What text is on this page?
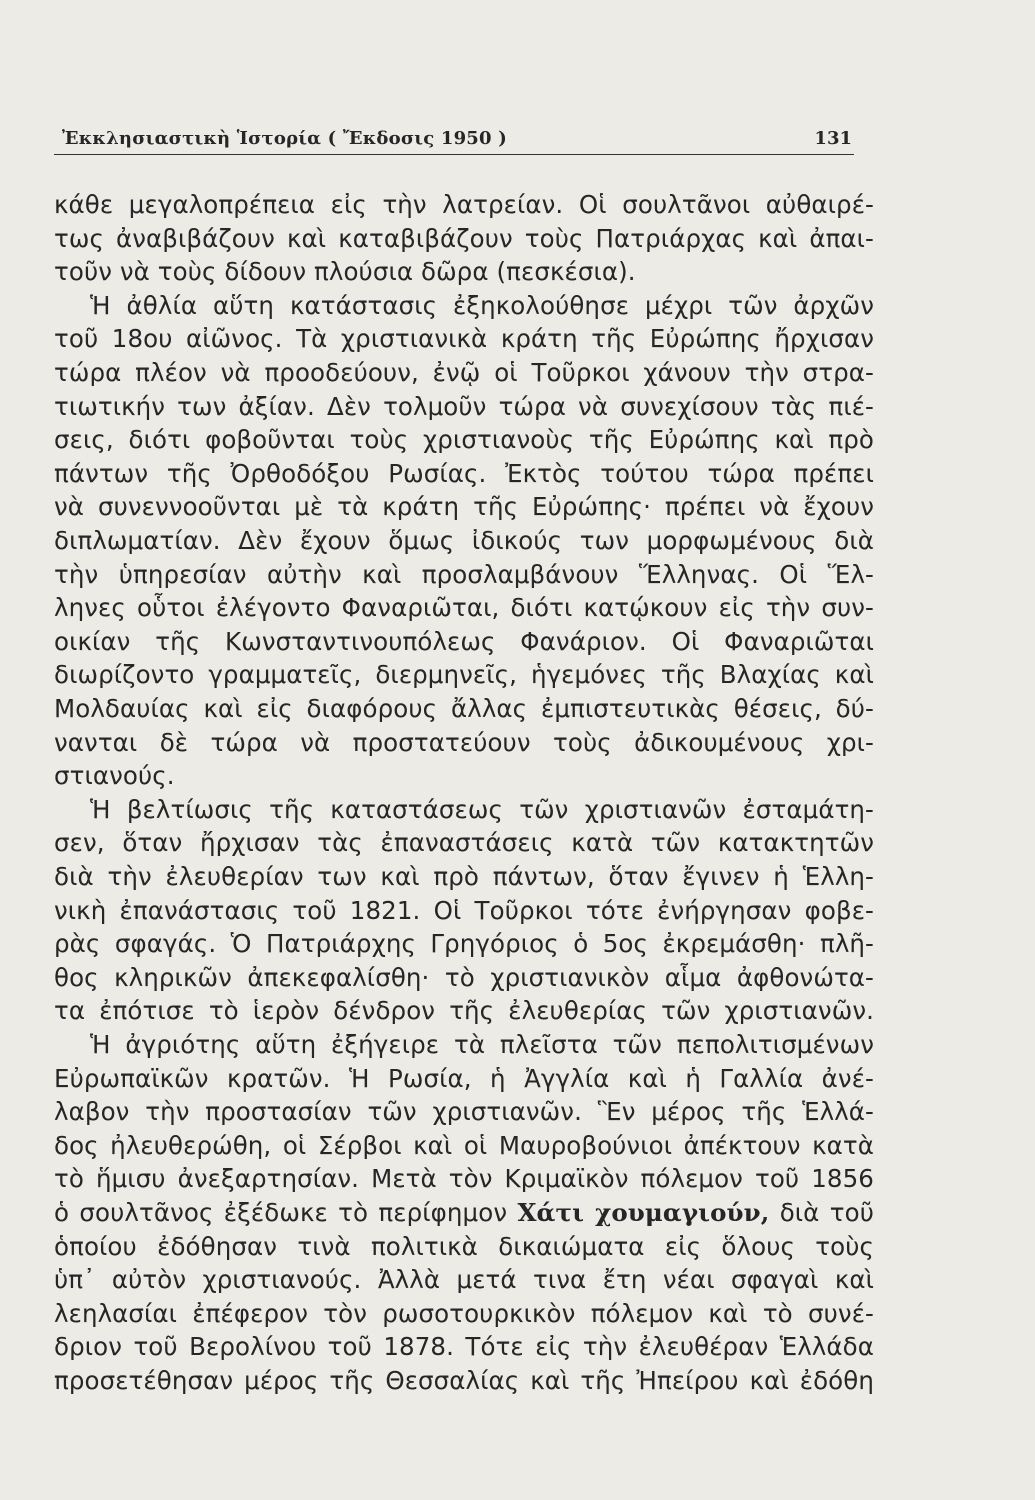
Ἐκκλησιαστικὴ Ἱστορία ( Ἔκδοσις 1950 )	131
κάθε μεγαλοπρέπεια εἰς τὴν λατρείαν. Οἱ σουλτᾶνοι αὐθαιρέ-
τως ἀναβιβάζουν καὶ καταβιβάζουν τοὺς Πατριάρχας καὶ ἀπαι-
τοῦν νὰ τοὺς δίδουν πλούσια δῶρα (πεσκέσια).
Ἡ ἀθλία αὕτη κατάστασις ἐξηκολούθησε μέχρι τῶν ἀρχῶν
τοῦ 18ου αἰῶνος. Τὰ χριστιανικὰ κράτη τῆς Εὐρώπης ἤρχισαν
τώρα πλέον νὰ προοδεύουν, ἐνῷ οἱ Τοῦρκοι χάνουν τὴν στρα-
τιωτικήν των ἀξίαν. Δὲν τολμοῦν τώρα νὰ συνεχίσουν τὰς πιέ-
σεις, διότι φοβοῦνται τοὺς χριστιανοὺς τῆς Εὐρώπης καὶ πρὸ
πάντων τῆς Ὀρθοδόξου Ρωσίας. Ἐκτὸς τούτου τώρα πρέπει
νὰ συνεννοοῦνται μὲ τὰ κράτη τῆς Εὐρώπης· πρέπει νὰ ἔχουν
διπλωματίαν. Δὲν ἔχουν ὅμως ἰδικούς των μορφωμένους διὰ
τὴν ὑπηρεσίαν αὐτὴν καὶ προσλαμβάνουν Ἕλληνας. Οἱ Ἕλ-
ληνες οὗτοι ἐλέγοντο Φαναριῶται, διότι κατῴκουν εἰς τὴν συν-
οικίαν τῆς Κωνσταντινουπόλεως Φανάριον. Οἱ Φαναριῶται
διωρίζοντο γραμματεῖς, διερμηνεῖς, ἡγεμόνες τῆς Βλαχίας καὶ
Μολδαυίας καὶ εἰς διαφόρους ἄλλας ἐμπιστευτικὰς θέσεις, δύ-
νανται δὲ τώρα νὰ προστατεύουν τοὺς ἀδικουμένους χρι-
στιανούς.
Ἡ βελτίωσις τῆς καταστάσεως τῶν χριστιανῶν ἐσταμάτη-
σεν, ὅταν ἤρχισαν τὰς ἐπαναστάσεις κατὰ τῶν κατακτητῶν
διὰ τὴν ἐλευθερίαν των καὶ πρὸ πάντων, ὅταν ἔγινεν ἡ Ἑλλη-
νικὴ ἐπανάστασις τοῦ 1821. Οἱ Τοῦρκοι τότε ἐνήργησαν φοβε-
ρὰς σφαγάς. Ὁ Πατριάρχης Γρηγόριος ὁ 5ος ἐκρεμάσθη· πλῆ-
θος κληρικῶν ἀπεκεφαλίσθη· τὸ χριστιανικὸν αἷμα ἀφθονώτα-
τα ἐπότισε τὸ ἱερὸν δένδρον τῆς ἐλευθερίας τῶν χριστιανῶν.
Ἡ ἀγριότης αὕτη ἐξήγειρε τὰ πλεῖστα τῶν πεπολιτισμένων
Εὐρωπαϊκῶν κρατῶν. Ἡ Ρωσία, ἡ Ἀγγλία καὶ ἡ Γαλλία ἀνέ-
λαβον τὴν προστασίαν τῶν χριστιανῶν. Ἓν μέρος τῆς Ἑλλά-
δος ἠλευθερώθη, οἱ Σέρβοι καὶ οἱ Μαυροβούνιοι ἀπέκτουν κατὰ
τὸ ἥμισυ ἀνεξαρτησίαν. Μετὰ τὸν Κριμαϊκὸν πόλεμον τοῦ 1856
ὁ σουλτᾶνος ἐξέδωκε τὸ περίφημον Χάτι χουμαγιούν, διὰ τοῦ
ὁποίου ἐδόθησαν τινὰ πολιτικὰ δικαιώματα εἰς ὅλους τοὺς
ὑπ᾽ αὐτὸν χριστιανούς. Ἀλλὰ μετά τινα ἔτη νέαι σφαγαὶ καὶ
λεηλασίαι ἐπέφερον τὸν ρωσοτουρκικὸν πόλεμον καὶ τὸ συνέ-
δριον τοῦ Βερολίνου τοῦ 1878. Τότε εἰς τὴν ἐλευθέραν Ἑλλάδα
προσετέθησαν μέρος τῆς Θεσσαλίας καὶ τῆς Ἠπείρου καὶ ἐδόθη
